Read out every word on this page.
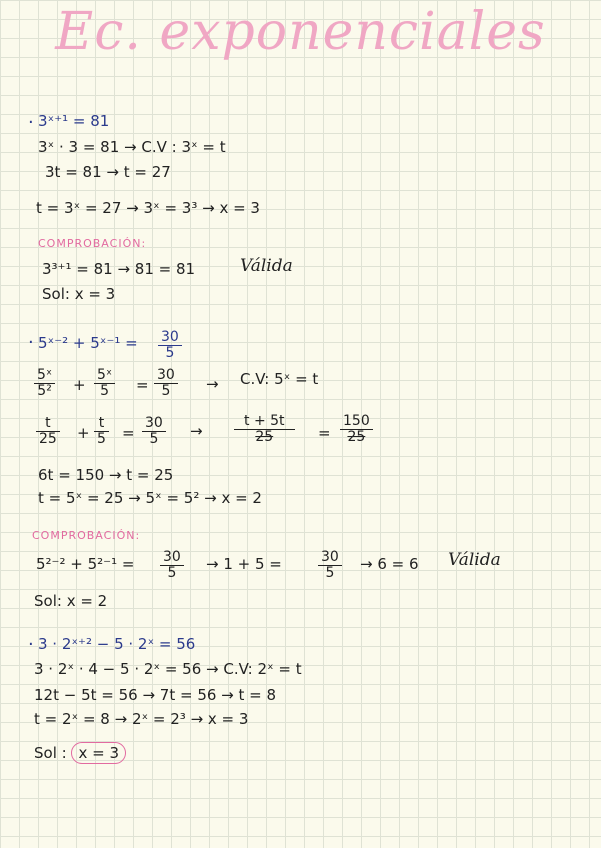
Ec. exponenciales
· 3ˣ⁺¹ = 81
3ˣ · 3 = 81 → C.V : 3ˣ = t
3t = 81 → t = 27
t = 3ˣ = 27 → 3ˣ = 3³ → x = 3
COMPROBACIÓN:
3³⁺¹ = 81 → 81 = 81	Válida
Sol: x = 3
· 5ˣ⁻² + 5ˣ⁻¹ = $\frac{30}{5}$
$\frac{\text{5ˣ}}{\text{5²}} + \frac{\text{5ˣ}}{5} = \frac{30}{5} \to C.V$: 5ˣ = t
$\frac{t}{25} + \frac{t}{5} = \frac{30}{5} \to \frac{t + 5t}{25} = \frac{150}{25}$
6t = 150 → t = 25
t = 5ˣ = 25 → 5ˣ = 5² → x = 2
COMPROBACIÓN:
$5^{2-2} + 5^{2-1} = \frac{30}{5} \to 1 + 5$ =	$\frac{30}{5} \to 6 = 6$ Válida
Sol: x = 2
· 3 · 2ˣ⁺² − 5 · 2ˣ = 56
3 · 2ˣ · 4 − 5 · 2ˣ = 56 → C.V: 2ˣ = t
12t − 5t = 56 → 7t = 56 → t = 8
t = 2ˣ = 8 → 2ˣ = 2³ → x = 3
Sol : x = 3
